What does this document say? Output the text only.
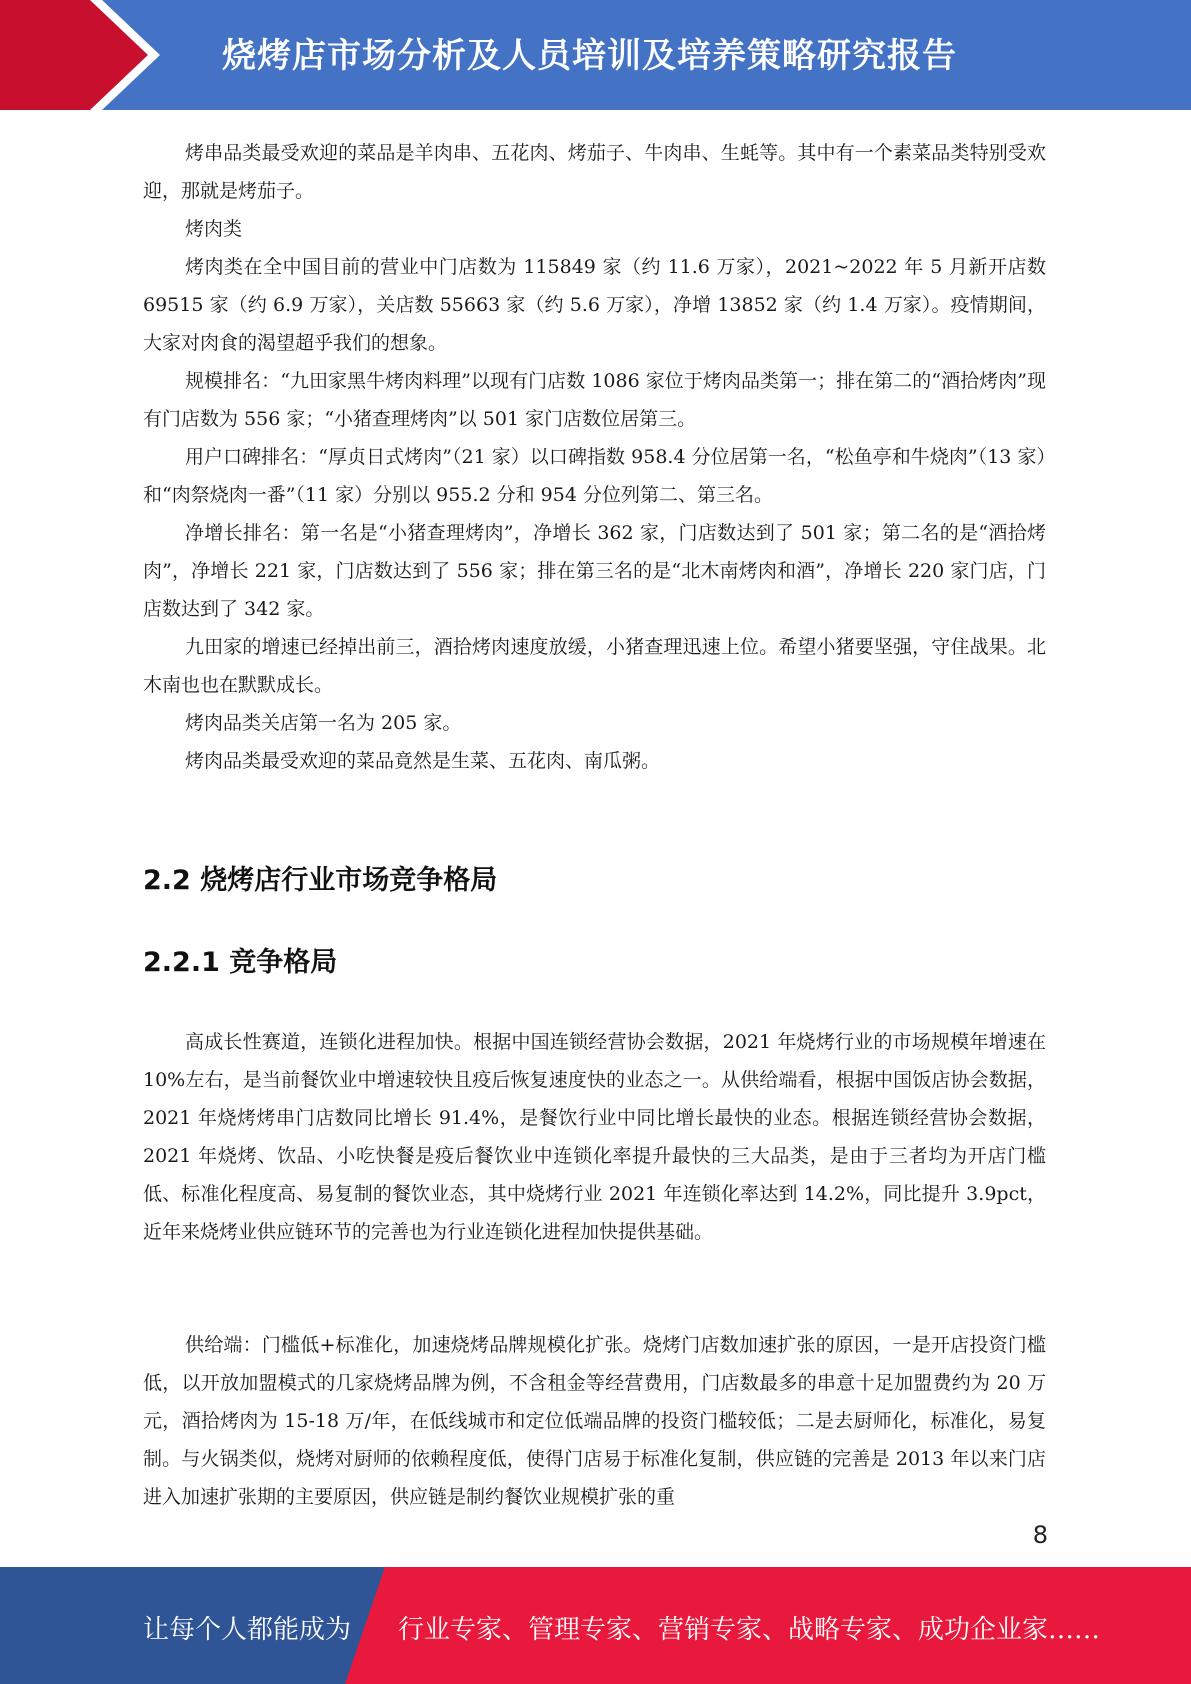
烧烤店市场分析及人员培训及培养策略研究报告

烤串品类最受欢迎的菜品是羊肉串、五花肉、烤茄子、牛肉串、生蚝等。其中有一个素菜品类特别受欢迎，那就是烤茄子。

烤肉类

烤肉类在全中国目前的营业中门店数为 115849 家（约 11.6 万家），2021~2022 年 5 月新开店数 69515 家（约 6.9 万家），关店数 55663 家（约 5.6 万家），净增 13852 家（约 1.4 万家）。疫情期间，大家对肉食的渴望超乎我们的想象。

规模排名：“九田家黑牛烤肉料理”以现有门店数 1086 家位于烤肉品类第一；排在第二的“酒拾烤肉”现有门店数为 556 家；“小猪查理烤肉”以 501 家门店数位居第三。

用户口碑排名：“厚贞日式烤肉”（21 家）以口碑指数 958.4 分位居第一名，“松鱼亭和牛烧肉”（13 家）和“肉祭烧肉一番”（11 家）分别以 955.2 分和 954 分位列第二、第三名。

净增长排名：第一名是“小猪查理烤肉”，净增长 362 家，门店数达到了 501 家；第二名的是“酒拾烤肉”，净增长 221 家，门店数达到了 556 家；排在第三名的是“北木南烤肉和酒”，净增长 220 家门店，门店数达到了 342 家。

九田家的增速已经掉出前三，酒拾烤肉速度放缓，小猪查理迅速上位。希望小猪要坚强，守住战果。北木南也也在默默成长。

烤肉品类关店第一名为 205 家。

烤肉品类最受欢迎的菜品竟然是生菜、五花肉、南瓜粥。

2.2 烧烤店行业市场竞争格局
2.2.1 竞争格局

高成长性赛道，连锁化进程加快。根据中国连锁经营协会数据，2021 年烧烤行业的市场规模年增速在 10%左右，是当前餐饮业中增速较快且疫后恢复速度快的业态之一。从供给端看，根据中国饭店协会数据，2021 年烧烤烤串门店数同比增长 91.4%，是餐饮行业中同比增长最快的业态。根据连锁经营协会数据，2021 年烧烤、饮品、小吃快餐是疫后餐饮业中连锁化率提升最快的三大品类，是由于三者均为开店门槛低、标准化程度高、易复制的餐饮业态，其中烧烤行业 2021 年连锁化率达到 14.2%，同比提升 3.9pct，近年来烧烤业供应链环节的完善也为行业连锁化进程加快提供基础。

供给端：门槛低+标准化，加速烧烤品牌规模化扩张。烧烤门店数加速扩张的原因，一是开店投资门槛低，以开放加盟模式的几家烧烤品牌为例，不含租金等经营费用，门店数最多的串意十足加盟费约为 20 万元，酒拾烤肉为 15-18 万/年，在低线城市和定位低端品牌的投资门槛较低；二是去厨师化，标准化，易复制。与火锅类似，烧烤对厨师的依赖程度低，使得门店易于标准化复制，供应链的完善是 2013 年以来门店进入加速扩张期的主要原因，供应链是制约餐饮业规模扩张的重

8
让每个人都能成为 行业专家、管理专家、营销专家、战略专家、成功企业家……
